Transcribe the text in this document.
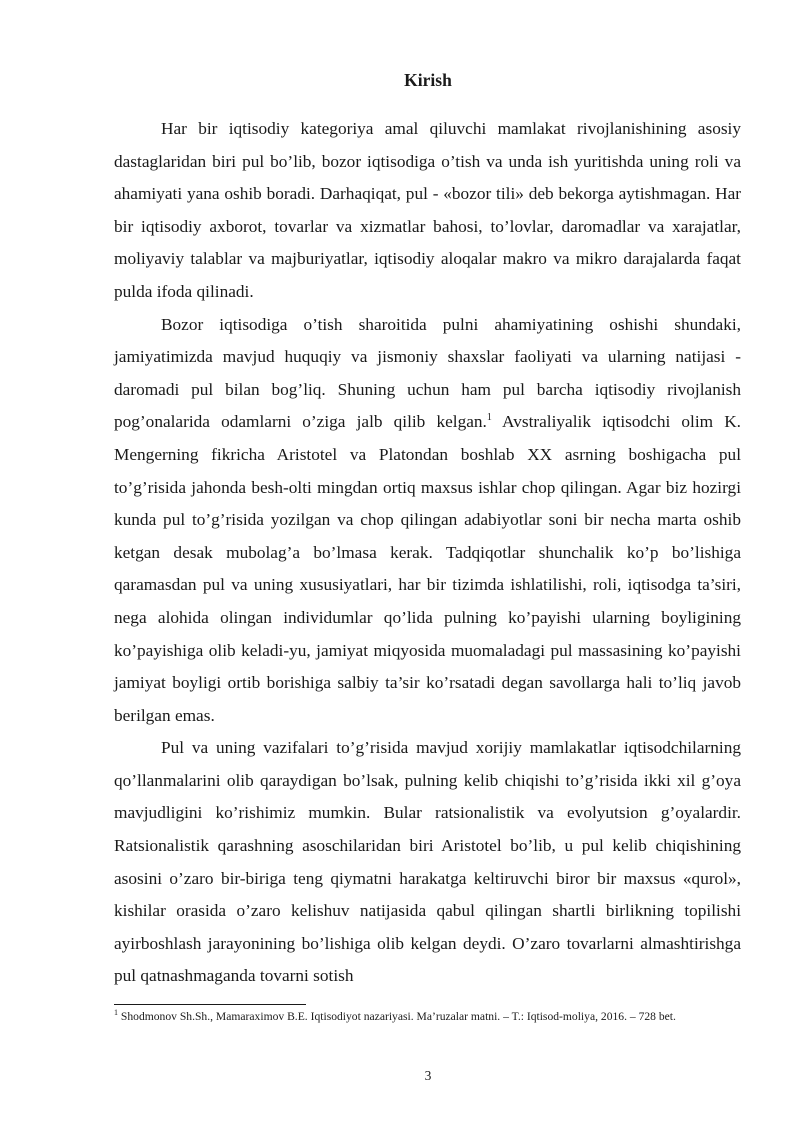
Kirish

Har bir iqtisodiy kategoriya amal qiluvchi mamlakat rivojlanishining asosiy dastaglaridan biri pul bo’lib, bozor iqtisodiga o’tish va unda ish yuritishda uning roli va ahamiyati yana oshib boradi. Darhaqiqat, pul - «bozor tili» deb bekorga aytishmagan. Har bir iqtisodiy axborot, tovarlar va xizmatlar bahosi, to’lovlar, daromadlar va xarajatlar, moliyaviy talablar va majburiyatlar, iqtisodiy aloqalar makro va mikro darajalarda faqat pulda ifoda qilinadi.

Bozor iqtisodiga o’tish sharoitida pulni ahamiyatining oshishi shundaki, jamiyatimizda mavjud huquqiy va jismoniy shaxslar faoliyati va ularning natijasi - daromadi pul bilan bog’liq. Shuning uchun ham pul barcha iqtisodiy rivojlanish pog’onalarida odamlarni o’ziga jalb qilib kelgan.$^1$ Avstraliyalik iqtisodchi olim K. Mengerning fikricha Aristotel va Platondan boshlab XX asrning boshigacha pul to’g’risida jahonda besh-olti mingdan ortiq maxsus ishlar chop qilingan. Agar biz hozirgi kunda pul to’g’risida yozilgan va chop qilingan adabiyotlar soni bir necha marta oshib ketgan desak mubolag’a bo’lmasa kerak. Tadqiqotlar shunchalik ko’p bo’lishiga qaramasdan pul va uning xususiyatlari, har bir tizimda ishlatilishi, roli, iqtisodga ta’siri, nega alohida olingan individumlar qo’lida pulning ko’payishi ularning boyligining ko’payishiga olib keladi-yu, jamiyat miqyosida muomaladagi pul massasining ko’payishi jamiyat boyligi ortib borishiga salbiy ta’sir ko’rsatadi degan savollarga hali to’liq javob berilgan emas.

Pul va uning vazifalari to’g’risida mavjud xorijiy mamlakatlar iqtisodchilarning qo’llanmalarini olib qaraydigan bo’lsak, pulning kelib chiqishi to’g’risida ikki xil g’oya mavjudligini ko’rishimiz mumkin. Bular ratsionalistik va evolyutsion g’oyalardir. Ratsionalistik qarashning asoschilaridan biri Aristotel bo’lib, u pul kelib chiqishining asosini o’zaro bir-biriga teng qiymatni harakatga keltiruvchi biror bir maxsus «qurol», kishilar orasida o’zaro kelishuv natijasida qabul qilingan shartli birlikning topilishi ayirboshlash jarayonining bo’lishiga olib kelgan deydi. O’zaro tovarlarni almashtirishga pul qatnashmaganda tovarni sotish

$^1$ Shodmonov Sh.Sh., Mamaraximov B.E. Iqtisodiyot nazariyasi. Ma’ruzalar matni. – T.: Iqtisod-moliya, 2016. – 728 bet.
3
